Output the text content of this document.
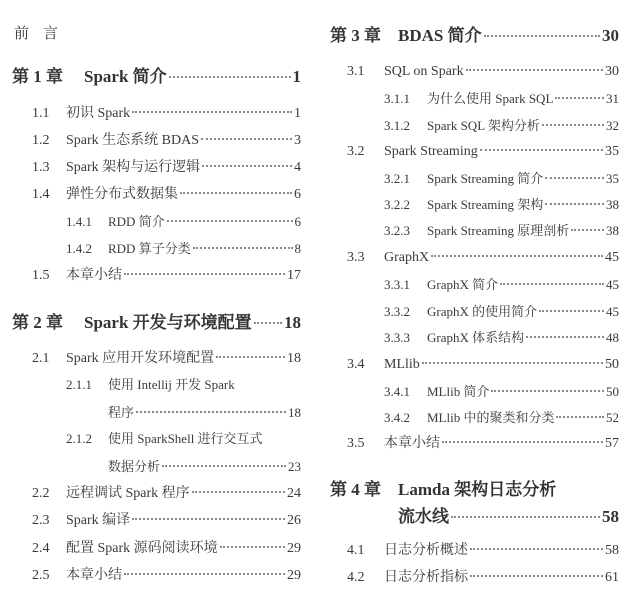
前言
第 1 章	Spark 简介	1
1.1	初识 Spark	1
1.2	Spark 生态系统 BDAS	3
1.3	Spark 架构与运行逻辑	4
1.4	弹性分布式数据集	6
1.4.1	RDD 简介	6
1.4.2	RDD 算子分类	8
1.5	本章小结	17
第 2 章	Spark 开发与环境配置 18
2.1	Spark 应用开发环境配置	18
2.1.1	使用 Intellij 开发 Spark
程序	18
2.1.2	使用 SparkShell 进行交互式
数据分析	23
2.2	远程调试 Spark 程序	24
2.3	Spark 编译	26
2.4	配置 Spark 源码阅读环境	29
2.5	本章小结	29
第 3 章	BDAS 简介	30
3.1	SQL on Spark	30
3.1.1	为什么使用 Spark SQL	31
3.1.2	Spark SQL 架构分析	32
3.2	Spark Streaming	35
3.2.1	Spark Streaming 简介	35
3.2.2	Spark Streaming 架构	38
3.2.3	Spark Streaming 原理剖析	38
3.3	GraphX	45
3.3.1	GraphX 简介	45
3.3.2	GraphX 的使用简介	45
3.3.3	GraphX 体系结构	48
3.4	MLlib	50
3.4.1	MLlib 简介	50
3.4.2	MLlib 中的聚类和分类	52
3.5	本章小结	57
第 4 章	Lamda 架构日志分析
流水线	58
4.1	日志分析概述	58
4.2	日志分析指标	61
